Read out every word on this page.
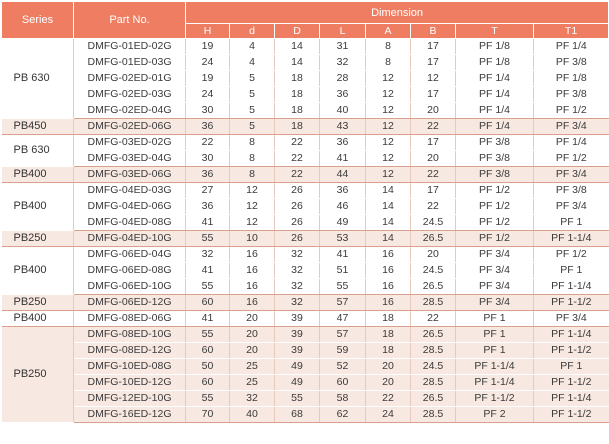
Series	Part No.	Dimension							
		H	d	D	L	A	B	T	T1
PB 630	DMFG-01ED-02G	19	4	14	31	8	17	PF 1/8	PF 1/4
	DMFG-01ED-03G	24	4	14	32	8	17	PF 1/8	PF 3/8
	DMFG-02ED-01G	19	5	18	28	12	12	PF 1/4	PF 1/8
	DMFG-02ED-03G	24	5	18	36	12	17	PF 1/4	PF 3/8
	DMFG-02ED-04G	30	5	18	40	12	20	PF 1/4	PF 1/2
PB450	DMFG-02ED-06G	36	5	18	43	12	22	PF 1/4	PF 3/4
PB 630	DMFG-03ED-02G	22	8	22	36	12	17	PF 3/8	PF 1/4
	DMFG-03ED-04G	30	8	22	41	12	20	PF 3/8	PF 1/2
PB400	DMFG-03ED-06G	36	8	22	44	12	22	PF 3/8	PF 3/4
PB400	DMFG-04ED-03G	27	12	26	36	14	17	PF 1/2	PF 3/8
	DMFG-04ED-06G	36	12	26	46	14	22	PF 1/2	PF 3/4
	DMFG-04ED-08G	41	12	26	49	14	24.5	PF 1/2	PF 1
PB250	DMFG-04ED-10G	55	10	26	53	14	26.5	PF 1/2	PF 1-1/4
PB400	DMFG-06ED-04G	32	16	32	41	16	20	PF 3/4	PF 1/2
	DMFG-06ED-08G	41	16	32	51	16	24.5	PF 3/4	PF 1
	DMFG-06ED-10G	55	16	32	55	16	26.5	PF 3/4	PF 1-1/4
PB250	DMFG-06ED-12G	60	16	32	57	16	28.5	PF 3/4	PF 1-1/2
PB400	DMFG-08ED-06G	41	20	39	47	18	22	PF 1	PF 3/4
PB250	DMFG-08ED-10G	55	20	39	57	18	26.5	PF 1	PF 1-1/4
	DMFG-08ED-12G	60	20	39	59	18	28.5	PF 1	PF 1-1/2
	DMFG-10ED-08G	50	25	49	52	20	24.5	PF 1-1/4	PF 1
	DMFG-10ED-12G	60	25	49	60	20	28.5	PF 1-1/4	PF 1-1/2
	DMFG-12ED-10G	55	32	55	58	22	26.5	PF 1-1/2	PF 1-1/4
	DMFG-16ED-12G	70	40	68	62	24	28.5	PF 2	PF 1-1/2
